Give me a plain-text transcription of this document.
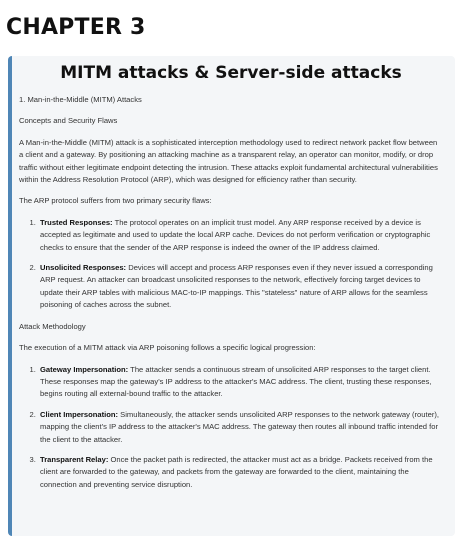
CHAPTER 3
MITM attacks & Server-side attacks

1. Man-in-the-Middle (MITM) Attacks

Concepts and Security Flaws

A Man-in-the-Middle (MITM) attack is a sophisticated interception methodology used to redirect network packet flow between a client and a gateway. By positioning an attacking machine as a transparent relay, an operator can monitor, modify, or drop traffic without either legitimate endpoint detecting the intrusion. These attacks exploit fundamental architectural vulnerabilities within the Address Resolution Protocol (ARP), which was designed for efficiency rather than security.

The ARP protocol suffers from two primary security flaws:

1. Trusted Responses: The protocol operates on an implicit trust model. Any ARP response received by a device is accepted as legitimate and used to update the local ARP cache. Devices do not perform verification or cryptographic checks to ensure that the sender of the ARP response is indeed the owner of the IP address claimed.
2. Unsolicited Responses: Devices will accept and process ARP responses even if they never issued a corresponding ARP request. An attacker can broadcast unsolicited responses to the network, effectively forcing target devices to update their ARP tables with malicious MAC-to-IP mappings. This "stateless" nature of ARP allows for the seamless poisoning of caches across the subnet.

Attack Methodology

The execution of a MITM attack via ARP poisoning follows a specific logical progression:

1. Gateway Impersonation: The attacker sends a continuous stream of unsolicited ARP responses to the target client. These responses map the gateway's IP address to the attacker's MAC address. The client, trusting these responses, begins routing all external-bound traffic to the attacker.
2. Client Impersonation: Simultaneously, the attacker sends unsolicited ARP responses to the network gateway (router), mapping the client's IP address to the attacker's MAC address. The gateway then routes all inbound traffic intended for the client to the attacker.
3. Transparent Relay: Once the packet path is redirected, the attacker must act as a bridge. Packets received from the client are forwarded to the gateway, and packets from the gateway are forwarded to the client, maintaining the connection and preventing service disruption.
